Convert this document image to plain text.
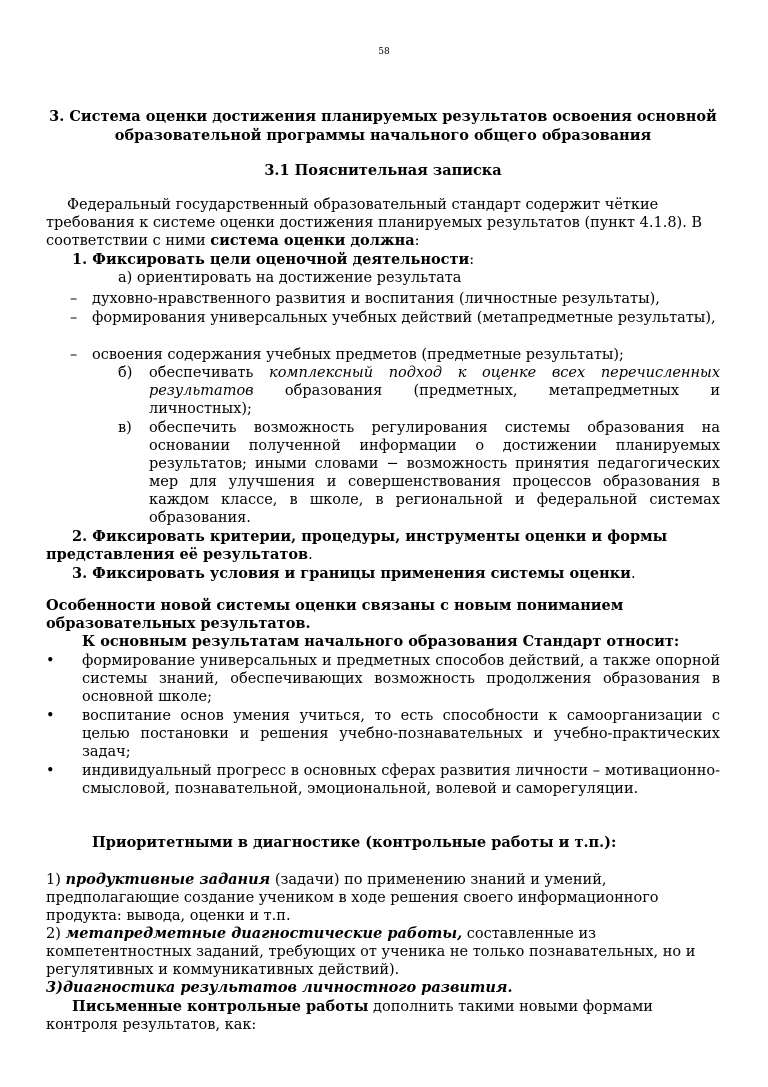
58
3. Система оценки достижения планируемых результатов освоения основной
образовательной программы начального общего образования
3.1 Пояснительная записка
Федеральный государственный образовательный стандарт содержит чёткие
требования к системе оценки достижения планируемых результатов (пункт 4.1.8). В
соответствии с ними система оценки должна:
1. Фиксировать цели оценочной деятельности:
а) ориентировать на достижение результата
–	духовно-нравственного развития и воспитания (личностные результаты),
–	формирования универсальных учебных действий (метапредметные результаты),
–	освоения содержания учебных предметов (предметные результаты);
б) обеспечивать комплексный подход к оценке всех перечисленных результатов образования (предметных, метапредметных и личностных);
в) обеспечить возможность регулирования системы образования на основании полученной информации о достижении планируемых результатов; иными словами − возможность принятия педагогических мер для улучшения и совершенствования процессов образования в каждом классе, в школе, в региональной и федеральной системах образования.
2. Фиксировать критерии, процедуры, инструменты оценки и формы
представления её результатов.
3. Фиксировать условия и границы применения системы оценки.
Особенности новой системы оценки связаны с новым пониманием
образовательных результатов.
К основным результатам начального образования Стандарт относит:
•	формирование универсальных и предметных способов действий, а также опорной системы знаний, обеспечивающих возможность продолжения образования в основной школе;
•	воспитание основ умения учиться, то есть способности к самоорганизации с целью постановки и решения учебно-познавательных и учебно-практических задач;
•	индивидуальный прогресс в основных сферах развития личности – мотивационно-смысловой, познавательной, эмоциональной, волевой и саморегуляции.
Приоритетными в диагностике (контрольные работы и т.п.):
1) продуктивные задания (задачи) по применению знаний и умений,
предполагающие создание учеником в ходе решения своего информационного
продукта: вывода, оценки и т.п.
2) метапредметные диагностические работы, составленные из
компетентностных заданий, требующих от ученика не только познавательных, но и
регулятивных и коммуникативных действий).
3)диагностика результатов личностного развития.
Письменные контрольные работы дополнить такими новыми формами
контроля результатов, как:
